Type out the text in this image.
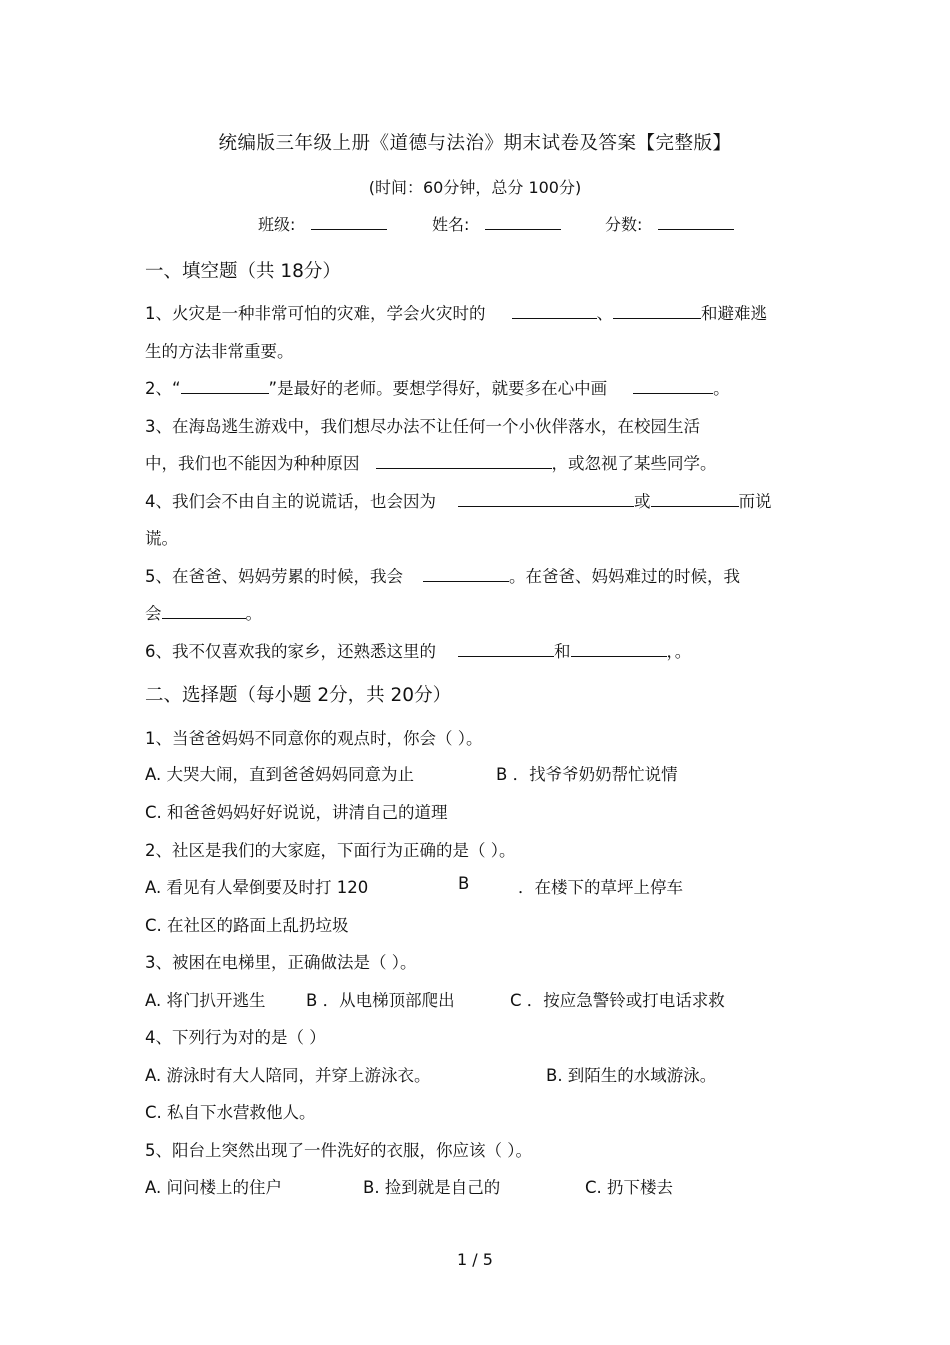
统编版三年级上册《道德与法治》期末试卷及答案【完整版】
(时间：60分钟，总分 100分)
班级:	姓名:	分数:
一、填空题（共 18分）
1、火灾是一种非常可怕的灾难，学会火灾时的	、	和避难逃
生的方法非常重要。
2、“	”是最好的老师。要想学得好，就要多在心中画	。
3、在海岛逃生游戏中，我们想尽办法不让任何一个小伙伴落水，在校园生活
中，我们也不能因为种种原因	，或忽视了某些同学。
4、我们会不由自主的说谎话，也会因为	或	而说
谎。
5、在爸爸、妈妈劳累的时候，我会	。在爸爸、妈妈难过的时候，我
会	。
6、我不仅喜欢我的家乡，还熟悉这里的	和	，。
二、选择题（每小题 2分，共 20分）
1、当爸爸妈妈不同意你的观点时，你会（ ）。
A. 大哭大闹，直到爸爸妈妈同意为止	B ．找爷爷奶奶帮忙说情
C. 和爸爸妈妈好好说说，讲清自己的道理
2、社区是我们的大家庭，下面行为正确的是（ ）。
A. 看见有人晕倒要及时打 120	B	．在楼下的草坪上停车
C. 在社区的路面上乱扔垃圾
3、被困在电梯里，正确做法是（ ）。
A. 将门扒开逃生 B ．从电梯顶部爬出	C ．按应急警铃或打电话求救
4、下列行为对的是（ ）
A. 游泳时有大人陪同，并穿上游泳衣。	B. 到陌生的水域游泳。
C. 私自下水营救他人。
5、阳台上突然出现了一件洗好的衣服，你应该（ ）。
A. 问问楼上的住户	B. 捡到就是自己的	C. 扔下楼去
1 / 5
